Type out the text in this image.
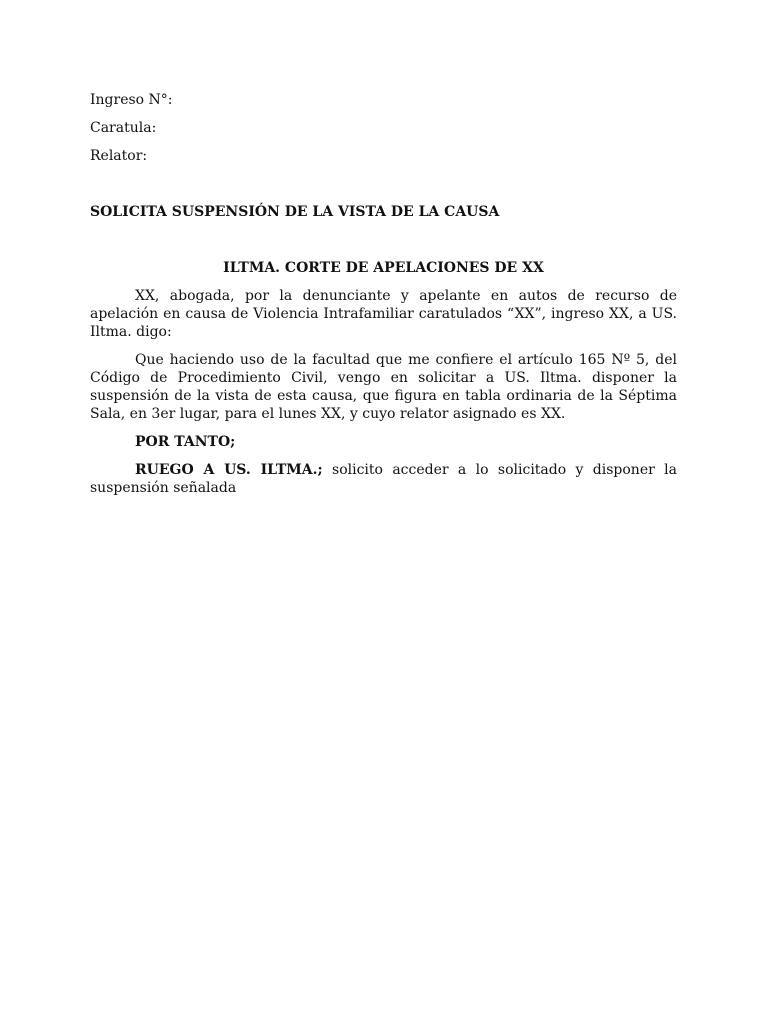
Ingreso N°:

Caratula:

Relator:

SOLICITA SUSPENSIÓN DE LA VISTA DE LA CAUSA

ILTMA. CORTE DE APELACIONES DE XX

XX, abogada, por la denunciante y apelante en autos de recurso de apelación en causa de Violencia Intrafamiliar caratulados “XX”, ingreso XX, a US. Iltma. digo:

Que haciendo uso de la facultad que me confiere el artículo 165 Nº 5, del Código de Procedimiento Civil, vengo en solicitar a US. Iltma. disponer la suspensión de la vista de esta causa, que figura en tabla ordinaria de la Séptima Sala, en 3er lugar, para el lunes XX, y cuyo relator asignado es XX.

POR TANTO;

RUEGO A US. ILTMA.; solicito acceder a lo solicitado y disponer la suspensión señalada
